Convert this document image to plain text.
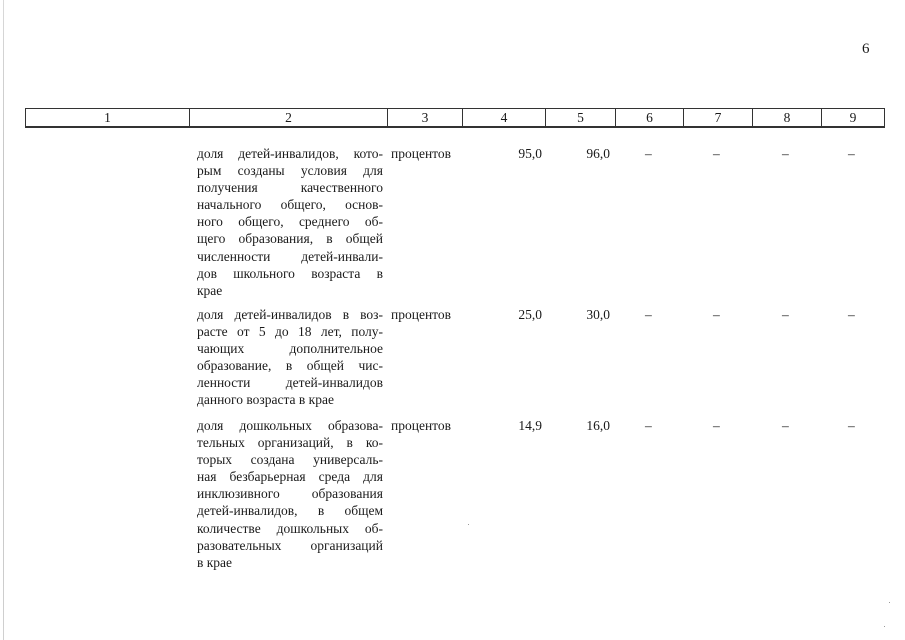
6
1	2	3	4	5	6	7	8	9
доля детей-инвалидов, кото-
рым созданы условия для
получения качественного
начального общего, основ-
ного общего, среднего об-
щего образования, в общей
численности детей-инвали-
дов школьного возраста в
крае
процентов	95,0	96,0	–	–	–	–
доля детей-инвалидов в воз-
расте от 5 до 18 лет, полу-
чающих дополнительное
образование, в общей чис-
ленности детей-инвалидов
данного возраста в крае
процентов	25,0	30,0	–	–	–	–
доля дошкольных образова-
тельных организаций, в ко-
торых создана универсаль-
ная безбарьерная среда для
инклюзивного образования
детей-инвалидов, в общем
количестве дошкольных об-
разовательных организаций
в крае
процентов	14,9	16,0	–	–	–	–
